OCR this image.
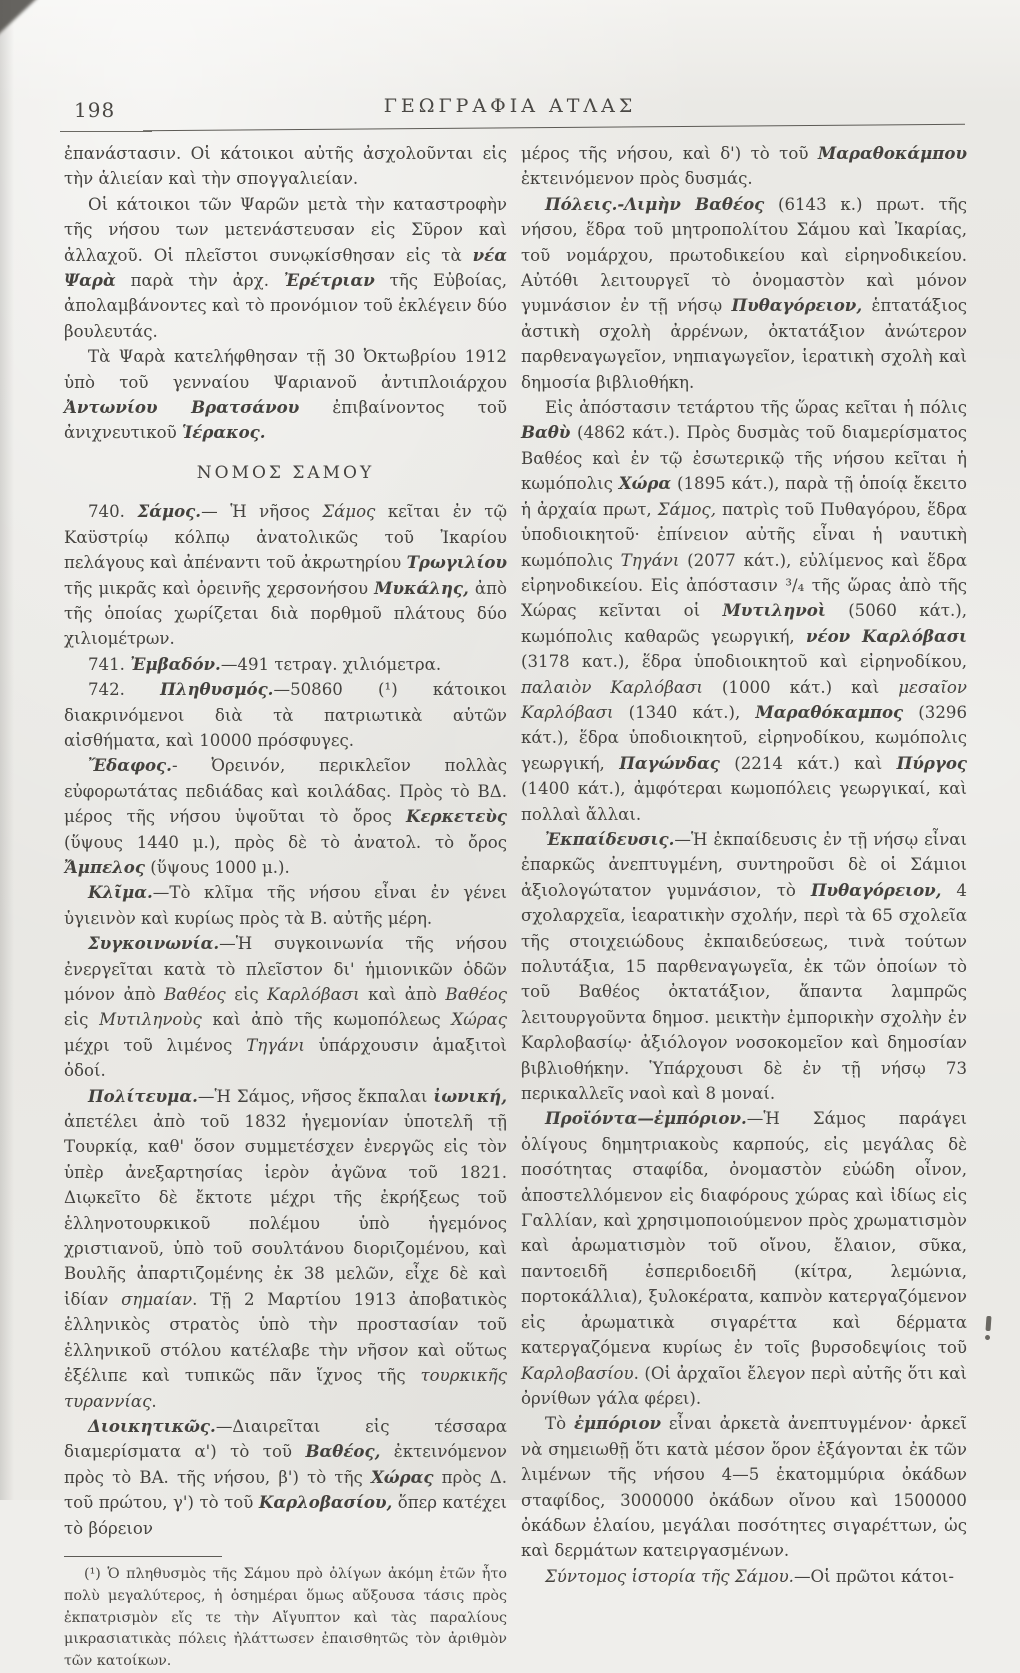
198	ΓΕΩΓΡΑΦΙΑ ΑΤΛΑΣ

ἐπανάστασιν. Οἱ κάτοικοι αὐτῆς ἀσχολοῦνται εἰς τὴν ἁλιείαν καὶ τὴν σπογγαλιείαν.

Οἱ κάτοικοι τῶν Ψαρῶν μετὰ τὴν καταστροφὴν τῆς νήσου των μετενάστευσαν εἰς Σῦρον καὶ ἀλλαχοῦ. Οἱ πλεῖστοι συνῳκίσθησαν εἰς τὰ νέα Ψαρὰ παρὰ τὴν ἀρχ. Ἐρέτριαν τῆς Εὐβοίας, ἀπολαμβάνοντες καὶ τὸ προνόμιον τοῦ ἐκλέγειν δύο βουλευτάς.

Τὰ Ψαρὰ κατελήφθησαν τῇ 30 Ὀκτωβρίου 1912 ὑπὸ τοῦ γενναίου Ψαριανοῦ ἀντιπλοιάρχου Ἀντωνίου Βρατσάνου ἐπιβαίνοντος τοῦ ἀνιχνευτικοῦ Ἱέρακος.

ΝΟΜΟΣ ΣΑΜΟΥ

740. Σάμος.— Ἡ νῆσος Σάμος κεῖται ἐν τῷ Καϋστρίῳ κόλπῳ ἀνατολικῶς τοῦ Ἰκαρίου πελάγους καὶ ἀπέναντι τοῦ ἀκρωτηρίου Τρωγιλίου τῆς μικρᾶς καὶ ὀρεινῆς χερσονήσου Μυκάλης, ἀπὸ τῆς ὁποίας χωρίζεται διὰ πορθμοῦ πλάτους δύο χιλιομέτρων.

741. Ἐμβαδόν.—491 τετραγ. χιλιόμετρα.

742. Πληθυσμός.—50860 (¹) κάτοικοι διακρινόμενοι διὰ τὰ πατριωτικὰ αὑτῶν αἰσθήματα, καὶ 10000 πρόσφυγες.

Ἔδαφος.- Ὀρεινόν, περικλεῖον πολλὰς εὐφορωτάτας πεδιάδας καὶ κοιλάδας. Πρὸς τὸ ΒΔ. μέρος τῆς νήσου ὑψοῦται τὸ ὄρος Κερκετεὺς (ὕψους 1440 μ.), πρὸς δὲ τὸ ἀνατολ. τὸ ὄρος Ἄμπελος (ὕψους 1000 μ.).

Κλῖμα.—Τὸ κλῖμα τῆς νήσου εἶναι ἐν γένει ὑγιεινὸν καὶ κυρίως πρὸς τὰ Β. αὐτῆς μέρη.

Συγκοινωνία.—Ἡ συγκοινωνία τῆς νήσου ἐνεργεῖται κατὰ τὸ πλεῖστον δι' ἡμιονικῶν ὁδῶν μόνον ἀπὸ Βαθέος εἰς Καρλόβασι καὶ ἀπὸ Βαθέος εἰς Μυτιληνοὺς καὶ ἀπὸ τῆς κωμοπόλεως Χώρας μέχρι τοῦ λιμένος Τηγάνι ὑπάρχουσιν ἁμαξιτοὶ ὁδοί.

Πολίτευμα.—Ἡ Σάμος, νῆσος ἔκπαλαι ἰωνική, ἀπετέλει ἀπὸ τοῦ 1832 ἡγεμονίαν ὑποτελῆ τῇ Τουρκίᾳ, καθ' ὅσον συμμετέσχεν ἐνεργῶς εἰς τὸν ὑπὲρ ἀνεξαρτησίας ἱερὸν ἀγῶνα τοῦ 1821. Διῳκεῖτο δὲ ἔκτοτε μέχρι τῆς ἐκρήξεως τοῦ ἑλληνοτουρκικοῦ πολέμου ὑπὸ ἡγεμόνος χριστιανοῦ, ὑπὸ τοῦ σουλτάνου διοριζομένου, καὶ Βουλῆς ἀπαρτιζομένης ἐκ 38 μελῶν, εἶχε δὲ καὶ ἰδίαν σημαίαν. Τῇ 2 Μαρτίου 1913 ἀποβατικὸς ἑλληνικὸς στρατὸς ὑπὸ τὴν προστασίαν τοῦ ἑλληνικοῦ στόλου κατέλαβε τὴν νῆσον καὶ οὕτως ἐξέλιπε καὶ τυπικῶς πᾶν ἴχνος τῆς τουρκικῆς τυραννίας.

Διοικητικῶς.—Διαιρεῖται εἰς τέσσαρα διαμερίσματα α') τὸ τοῦ Βαθέος, ἐκτεινόμενον πρὸς τὸ ΒΑ. τῆς νήσου, β') τὸ τῆς Χώρας πρὸς Δ. τοῦ πρώτου, γ') τὸ τοῦ Καρλοβασίου, ὅπερ κατέχει τὸ βόρειον

(¹) Ὁ πληθυσμὸς τῆς Σάμου πρὸ ὀλίγων ἀκόμη ἐτῶν ἦτο πολὺ μεγαλύτερος, ἡ ὁσημέραι ὅμως αὔξουσα τάσις πρὸς ἐκπατρισμὸν εἴς τε τὴν Αἴγυπτον καὶ τὰς παραλίους μικρασιατικὰς πόλεις ἠλάττωσεν ἐπαισθητῶς τὸν ἀριθμὸν τῶν κατοίκων.

μέρος τῆς νήσου, καὶ δ') τὸ τοῦ Μαραθοκάμπου ἐκτεινόμενον πρὸς δυσμάς.

Πόλεις.-Λιμὴν Βαθέος (6143 κ.) πρωτ. τῆς νήσου, ἕδρα τοῦ μητροπολίτου Σάμου καὶ Ἰκαρίας, τοῦ νομάρχου, πρωτοδικείου καὶ εἰρηνοδικείου. Αὐτόθι λειτουργεῖ τὸ ὀνομαστὸν καὶ μόνον γυμνάσιον ἐν τῇ νήσῳ Πυθαγόρειον, ἑπτατάξιος ἀστικὴ σχολὴ ἀρρένων, ὀκτατάξιον ἀνώτερον παρθεναγωγεῖον, νηπιαγωγεῖον, ἱερατικὴ σχολὴ καὶ δημοσία βιβλιοθήκη.

Εἰς ἀπόστασιν τετάρτου τῆς ὥρας κεῖται ἡ πόλις Βαθὺ (4862 κάτ.). Πρὸς δυσμὰς τοῦ διαμερίσματος Βαθέος καὶ ἐν τῷ ἐσωτερικῷ τῆς νήσου κεῖται ἡ κωμόπολις Χώρα (1895 κάτ.), παρὰ τῇ ὁποίᾳ ἔκειτο ἡ ἀρχαία πρωτ, Σάμος, πατρὶς τοῦ Πυθαγόρου, ἕδρα ὑποδιοικητοῦ· ἐπίνειον αὐτῆς εἶναι ἡ ναυτικὴ κωμόπολις Τηγάνι (2077 κάτ.), εὐλίμενος καὶ ἕδρα εἰρηνοδικείου. Εἰς ἀπόστασιν ³/₄ τῆς ὥρας ἀπὸ τῆς Χώρας κεῖνται οἱ Μυτιληνοὶ (5060 κάτ.), κωμόπολις καθαρῶς γεωργική, νέον Καρλόβασι (3178 κατ.), ἕδρα ὑποδιοικητοῦ καὶ εἰρηνοδίκου, παλαιὸν Καρλόβασι (1000 κάτ.) καὶ μεσαῖον Καρλόβασι (1340 κάτ.), Μαραθόκαμπος (3296 κάτ.), ἕδρα ὑποδιοικητοῦ, εἰρηνοδίκου, κωμόπολις γεωργική, Παγώνδας (2214 κάτ.) καὶ Πύργος (1400 κάτ.), ἀμφότεραι κωμοπόλεις γεωργικαί, καὶ πολλαὶ ἄλλαι.

Ἐκπαίδευσις.—Ἡ ἐκπαίδευσις ἐν τῇ νήσῳ εἶναι ἐπαρκῶς ἀνεπτυγμένη, συντηροῦσι δὲ οἱ Σάμιοι ἀξιολογώτατον γυμνάσιον, τὸ Πυθαγόρειον, 4 σχολαρχεῖα, ἱεαρατικὴν σχολήν, περὶ τὰ 65 σχολεῖα τῆς στοιχειώδους ἐκπαιδεύσεως, τινὰ τούτων πολυτάξια, 15 παρθεναγωγεῖα, ἐκ τῶν ὁποίων τὸ τοῦ Βαθέος ὀκτατάξιον, ἅπαντα λαμπρῶς λειτουργοῦντα δημοσ. μεικτὴν ἐμπορικὴν σχολὴν ἐν Καρλοβασίῳ· ἀξιόλογον νοσοκομεῖον καὶ δημοσίαν βιβλιοθήκην. Ὑπάρχουσι δὲ ἐν τῇ νήσῳ 73 περικαλλεῖς ναοὶ καὶ 8 μοναί.

Προϊόντα—ἐμπόριον.—Ἡ Σάμος παράγει ὀλίγους δημητριακοὺς καρπούς, εἰς μεγάλας δὲ ποσότητας σταφίδα, ὀνομαστὸν εὐώδη οἶνον, ἀποστελλόμενον εἰς διαφόρους χώρας καὶ ἰδίως εἰς Γαλλίαν, καὶ χρησιμοποιούμενον πρὸς χρωματισμὸν καὶ ἀρωματισμὸν τοῦ οἴνου, ἔλαιον, σῦκα, παντοειδῆ ἑσπεριδοειδῆ (κίτρα, λεμώνια, πορτοκάλλια), ξυλοκέρατα, καπνὸν κατεργαζόμενον εἰς ἀρωματικὰ σιγαρέττα καὶ δέρματα κατεργαζόμενα κυρίως ἐν τοῖς βυρσοδεψίοις τοῦ Καρλοβασίου. (Οἱ ἀρχαῖοι ἔλεγον περὶ αὐτῆς ὅτι καὶ ὀρνίθων γάλα φέρει).

Τὸ ἐμπόριον εἶναι ἀρκετὰ ἀνεπτυγμένον· ἀρκεῖ νὰ σημειωθῇ ὅτι κατὰ μέσον ὅρον ἐξάγονται ἐκ τῶν λιμένων τῆς νήσου 4—5 ἑκατομμύρια ὀκάδων σταφίδος, 3000000 ὀκάδων οἴνου καὶ 1500000 ὀκάδων ἐλαίου, μεγάλαι ποσότητες σιγαρέττων, ὡς καὶ δερμάτων κατειργασμένων.

Σύντομος ἱστορία τῆς Σάμου.—Οἱ πρῶτοι κάτοι-
